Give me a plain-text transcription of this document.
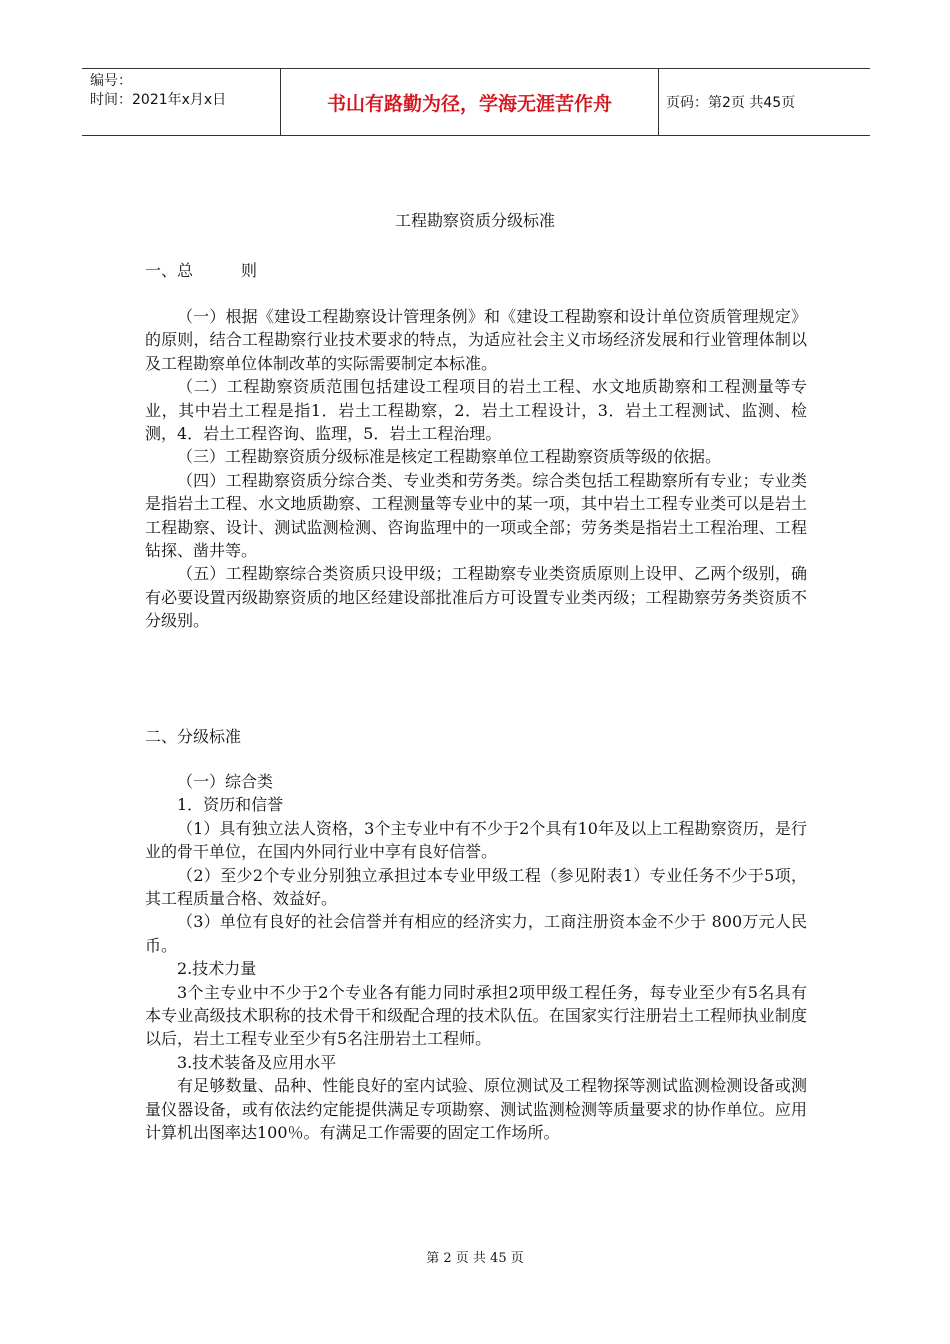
编号：
时间：2021年x月x日	书山有路勤为径，学海无涯苦作舟	页码：第2页 共45页
工程勘察资质分级标准
一、总　　　则

（一）根据《建设工程勘察设计管理条例》和《建设工程勘察和设计单位资质管理规定》的原则，结合工程勘察行业技术要求的特点，为适应社会主义市场经济发展和行业管理体制以及工程勘察单位体制改革的实际需要制定本标准。

（二）工程勘察资质范围包括建设工程项目的岩土工程、水文地质勘察和工程测量等专业，其中岩土工程是指1．岩土工程勘察，2．岩土工程设计，3．岩土工程测试、监测、检测，4．岩土工程咨询、监理，5．岩土工程治理。

（三）工程勘察资质分级标准是核定工程勘察单位工程勘察资质等级的依据。

（四）工程勘察资质分综合类、专业类和劳务类。综合类包括工程勘察所有专业；专业类是指岩土工程、水文地质勘察、工程测量等专业中的某一项，其中岩土工程专业类可以是岩土工程勘察、设计、测试监测检测、咨询监理中的一项或全部；劳务类是指岩土工程治理、工程钻探、凿井等。

（五）工程勘察综合类资质只设甲级；工程勘察专业类资质原则上设甲、乙两个级别，确有必要设置丙级勘察资质的地区经建设部批准后方可设置专业类丙级；工程勘察劳务类资质不分级别。

二、分级标准

（一）综合类

1．资历和信誉

（1）具有独立法人资格，3个主专业中有不少于2个具有10年及以上工程勘察资历，是行业的骨干单位，在国内外同行业中享有良好信誉。

（2）至少2个专业分别独立承担过本专业甲级工程（参见附表1）专业任务不少于5项，其工程质量合格、效益好。

（3）单位有良好的社会信誉并有相应的经济实力，工商注册资本金不少于 800万元人民币。

2.技术力量

3个主专业中不少于2个专业各有能力同时承担2项甲级工程任务，每专业至少有5名具有本专业高级技术职称的技术骨干和级配合理的技术队伍。在国家实行注册岩土工程师执业制度以后，岩土工程专业至少有5名注册岩土工程师。

3.技术装备及应用水平

有足够数量、品种、性能良好的室内试验、原位测试及工程物探等测试监测检测设备或测量仪器设备，或有依法约定能提供满足专项勘察、测试监测检测等质量要求的协作单位。应用计算机出图率达100％。有满足工作需要的固定工作场所。

第 2 页 共 45 页
